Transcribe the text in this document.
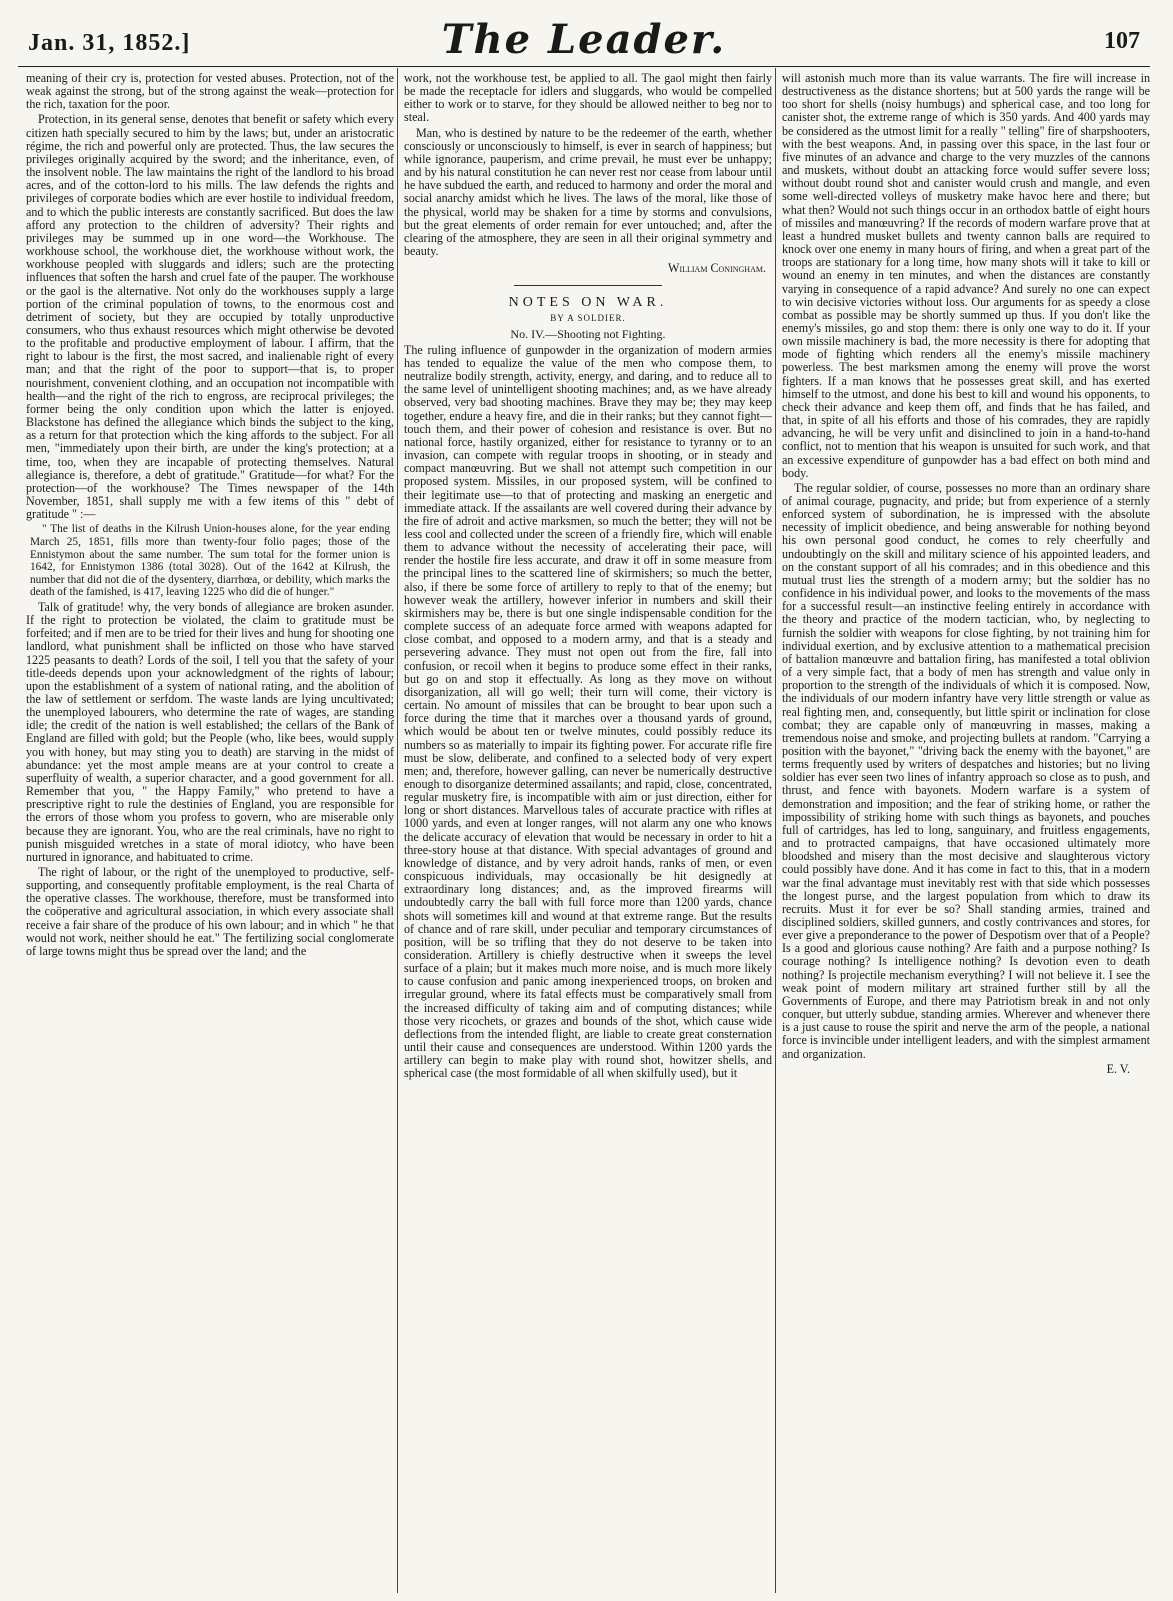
Jan. 31, 1852.]	The Leader.	107

meaning of their cry is, protection for vested abuses. Protection, not of the weak against the strong, but of the strong against the weak—protection for the rich, taxation for the poor.

Protection, in its general sense, denotes that benefit or safety which every citizen hath specially secured to him by the laws; but, under an aristocratic régime, the rich and powerful only are protected. Thus, the law secures the privileges originally acquired by the sword; and the inheritance, even, of the insolvent noble. The law maintains the right of the landlord to his broad acres, and of the cotton-lord to his mills. The law defends the rights and privileges of corporate bodies which are ever hostile to individual freedom, and to which the public interests are constantly sacrificed. But does the law afford any protection to the children of adversity? Their rights and privileges may be summed up in one word—the Workhouse. The workhouse school, the workhouse diet, the workhouse without work, the workhouse peopled with sluggards and idlers; such are the protecting influences that soften the harsh and cruel fate of the pauper. The workhouse or the gaol is the alternative. Not only do the workhouses supply a large portion of the criminal population of towns, to the enormous cost and detriment of society, but they are occupied by totally unproductive consumers, who thus exhaust resources which might otherwise be devoted to the profitable and productive employment of labour. I affirm, that the right to labour is the first, the most sacred, and inalienable right of every man; and that the right of the poor to support—that is, to proper nourishment, convenient clothing, and an occupation not incompatible with health—and the right of the rich to engross, are reciprocal privileges; the former being the only condition upon which the latter is enjoyed. Blackstone has defined the allegiance which binds the subject to the king, as a return for that protection which the king affords to the subject. For all men, "immediately upon their birth, are under the king's protection; at a time, too, when they are incapable of protecting themselves. Natural allegiance is, therefore, a debt of gratitude." Gratitude—for what? For the protection—of the workhouse? The Times newspaper of the 14th November, 1851, shall supply me with a few items of this " debt of gratitude " :—

" The list of deaths in the Kilrush Union-houses alone, for the year ending March 25, 1851, fills more than twenty-four folio pages; those of the Ennistymon about the same number. The sum total for the former union is 1642, for Ennistymon 1386 (total 3028). Out of the 1642 at Kilrush, the number that did not die of the dysentery, diarrhœa, or debility, which marks the death of the famished, is 417, leaving 1225 who did die of hunger."

Talk of gratitude! why, the very bonds of allegiance are broken asunder. If the right to protection be violated, the claim to gratitude must be forfeited; and if men are to be tried for their lives and hung for shooting one landlord, what punishment shall be inflicted on those who have starved 1225 peasants to death? Lords of the soil, I tell you that the safety of your title-deeds depends upon your acknowledgment of the rights of labour; upon the establishment of a system of national rating, and the abolition of the law of settlement or serfdom. The waste lands are lying uncultivated; the unemployed labourers, who determine the rate of wages, are standing idle; the credit of the nation is well established; the cellars of the Bank of England are filled with gold; but the People (who, like bees, would supply you with honey, but may sting you to death) are starving in the midst of abundance: yet the most ample means are at your control to create a superfluity of wealth, a superior character, and a good government for all. Remember that you, " the Happy Family," who pretend to have a prescriptive right to rule the destinies of England, you are responsible for the errors of those whom you profess to govern, who are miserable only because they are ignorant. You, who are the real criminals, have no right to punish misguided wretches in a state of moral idiotcy, who have been nurtured in ignorance, and habituated to crime.

The right of labour, or the right of the unemployed to productive, self-supporting, and consequently profitable employment, is the real Charta of the operative classes. The workhouse, therefore, must be transformed into the coöperative and agricultural association, in which every associate shall receive a fair share of the produce of his own labour; and in which " he that would not work, neither should he eat." The fertilizing social conglomerate of large towns might thus be spread over the land; and the

work, not the workhouse test, be applied to all. The gaol might then fairly be made the receptacle for idlers and sluggards, who would be compelled either to work or to starve, for they should be allowed neither to beg nor to steal.

Man, who is destined by nature to be the redeemer of the earth, whether consciously or unconsciously to himself, is ever in search of happiness; but while ignorance, pauperism, and crime prevail, he must ever be unhappy; and by his natural constitution he can never rest nor cease from labour until he have subdued the earth, and reduced to harmony and order the moral and social anarchy amidst which he lives. The laws of the moral, like those of the physical, world may be shaken for a time by storms and convulsions, but the great elements of order remain for ever untouched; and, after the clearing of the atmosphere, they are seen in all their original symmetry and beauty.

William Coningham.

NOTES ON WAR.

BY A SOLDIER.

No. IV.—Shooting not Fighting.

The ruling influence of gunpowder in the organization of modern armies has tended to equalize the value of the men who compose them, to neutralize bodily strength, activity, energy, and daring, and to reduce all to the same level of unintelligent shooting machines; and, as we have already observed, very bad shooting machines. Brave they may be; they may keep together, endure a heavy fire, and die in their ranks; but they cannot fight—touch them, and their power of cohesion and resistance is over. But no national force, hastily organized, either for resistance to tyranny or to an invasion, can compete with regular troops in shooting, or in steady and compact manœuvring. But we shall not attempt such competition in our proposed system. Missiles, in our proposed system, will be confined to their legitimate use—to that of protecting and masking an energetic and immediate attack. If the assailants are well covered during their advance by the fire of adroit and active marksmen, so much the better; they will not be less cool and collected under the screen of a friendly fire, which will enable them to advance without the necessity of accelerating their pace, will render the hostile fire less accurate, and draw it off in some measure from the principal lines to the scattered line of skirmishers; so much the better, also, if there be some force of artillery to reply to that of the enemy; but however weak the artillery, however inferior in numbers and skill their skirmishers may be, there is but one single indispensable condition for the complete success of an adequate force armed with weapons adapted for close combat, and opposed to a modern army, and that is a steady and persevering advance. They must not open out from the fire, fall into confusion, or recoil when it begins to produce some effect in their ranks, but go on and stop it effectually. As long as they move on without disorganization, all will go well; their turn will come, their victory is certain. No amount of missiles that can be brought to bear upon such a force during the time that it marches over a thousand yards of ground, which would be about ten or twelve minutes, could possibly reduce its numbers so as materially to impair its fighting power. For accurate rifle fire must be slow, deliberate, and confined to a selected body of very expert men; and, therefore, however galling, can never be numerically destructive enough to disorganize determined assailants; and rapid, close, concentrated, regular musketry fire, is incompatible with aim or just direction, either for long or short distances. Marvellous tales of accurate practice with rifles at 1000 yards, and even at longer ranges, will not alarm any one who knows the delicate accuracy of elevation that would be necessary in order to hit a three-story house at that distance. With special advantages of ground and knowledge of distance, and by very adroit hands, ranks of men, or even conspicuous individuals, may occasionally be hit designedly at extraordinary long distances; and, as the improved firearms will undoubtedly carry the ball with full force more than 1200 yards, chance shots will sometimes kill and wound at that extreme range. But the results of chance and of rare skill, under peculiar and temporary circumstances of position, will be so trifling that they do not deserve to be taken into consideration. Artillery is chiefly destructive when it sweeps the level surface of a plain; but it makes much more noise, and is much more likely to cause confusion and panic among inexperienced troops, on broken and irregular ground, where its fatal effects must be comparatively small from the increased difficulty of taking aim and of computing distances; while those very ricochets, or grazes and bounds of the shot, which cause wide deflections from the intended flight, are liable to create great consternation until their cause and consequences are understood. Within 1200 yards the artillery can begin to make play with round shot, howitzer shells, and spherical case (the most formidable of all when skilfully used), but it

will astonish much more than its value warrants. The fire will increase in destructiveness as the distance shortens; but at 500 yards the range will be too short for shells (noisy humbugs) and spherical case, and too long for canister shot, the extreme range of which is 350 yards. And 400 yards may be considered as the utmost limit for a really " telling" fire of sharpshooters, with the best weapons. And, in passing over this space, in the last four or five minutes of an advance and charge to the very muzzles of the cannons and muskets, without doubt an attacking force would suffer severe loss; without doubt round shot and canister would crush and mangle, and even some well-directed volleys of musketry make havoc here and there; but what then? Would not such things occur in an orthodox battle of eight hours of missiles and manœuvring? If the records of modern warfare prove that at least a hundred musket bullets and twenty cannon balls are required to knock over one enemy in many hours of firing, and when a great part of the troops are stationary for a long time, how many shots will it take to kill or wound an enemy in ten minutes, and when the distances are constantly varying in consequence of a rapid advance? And surely no one can expect to win decisive victories without loss. Our arguments for as speedy a close combat as possible may be shortly summed up thus. If you don't like the enemy's missiles, go and stop them: there is only one way to do it. If your own missile machinery is bad, the more necessity is there for adopting that mode of fighting which renders all the enemy's missile machinery powerless. The best marksmen among the enemy will prove the worst fighters. If a man knows that he possesses great skill, and has exerted himself to the utmost, and done his best to kill and wound his opponents, to check their advance and keep them off, and finds that he has failed, and that, in spite of all his efforts and those of his comrades, they are rapidly advancing, he will be very unfit and disinclined to join in a hand-to-hand conflict, not to mention that his weapon is unsuited for such work, and that an excessive expenditure of gunpowder has a bad effect on both mind and body.

The regular soldier, of course, possesses no more than an ordinary share of animal courage, pugnacity, and pride; but from experience of a sternly enforced system of subordination, he is impressed with the absolute necessity of implicit obedience, and being answerable for nothing beyond his own personal good conduct, he comes to rely cheerfully and undoubtingly on the skill and military science of his appointed leaders, and on the constant support of all his comrades; and in this obedience and this mutual trust lies the strength of a modern army; but the soldier has no confidence in his individual power, and looks to the movements of the mass for a successful result—an instinctive feeling entirely in accordance with the theory and practice of the modern tactician, who, by neglecting to furnish the soldier with weapons for close fighting, by not training him for individual exertion, and by exclusive attention to a mathematical precision of battalion manœuvre and battalion firing, has manifested a total oblivion of a very simple fact, that a body of men has strength and value only in proportion to the strength of the individuals of which it is composed. Now, the individuals of our modern infantry have very little strength or value as real fighting men, and, consequently, but little spirit or inclination for close combat; they are capable only of manœuvring in masses, making a tremendous noise and smoke, and projecting bullets at random. "Carrying a position with the bayonet," "driving back the enemy with the bayonet," are terms frequently used by writers of despatches and histories; but no living soldier has ever seen two lines of infantry approach so close as to push, and thrust, and fence with bayonets. Modern warfare is a system of demonstration and imposition; and the fear of striking home, or rather the impossibility of striking home with such things as bayonets, and pouches full of cartridges, has led to long, sanguinary, and fruitless engagements, and to protracted campaigns, that have occasioned ultimately more bloodshed and misery than the most decisive and slaughterous victory could possibly have done. And it has come in fact to this, that in a modern war the final advantage must inevitably rest with that side which possesses the longest purse, and the largest population from which to draw its recruits. Must it for ever be so? Shall standing armies, trained and disciplined soldiers, skilled gunners, and costly contrivances and stores, for ever give a preponderance to the power of Despotism over that of a People? Is a good and glorious cause nothing? Are faith and a purpose nothing? Is courage nothing? Is intelligence nothing? Is devotion even to death nothing? Is projectile mechanism everything? I will not believe it. I see the weak point of modern military art strained further still by all the Governments of Europe, and there may Patriotism break in and not only conquer, but utterly subdue, standing armies. Wherever and whenever there is a just cause to rouse the spirit and nerve the arm of the people, a national force is invincible under intelligent leaders, and with the simplest armament and organization.

E. V.
